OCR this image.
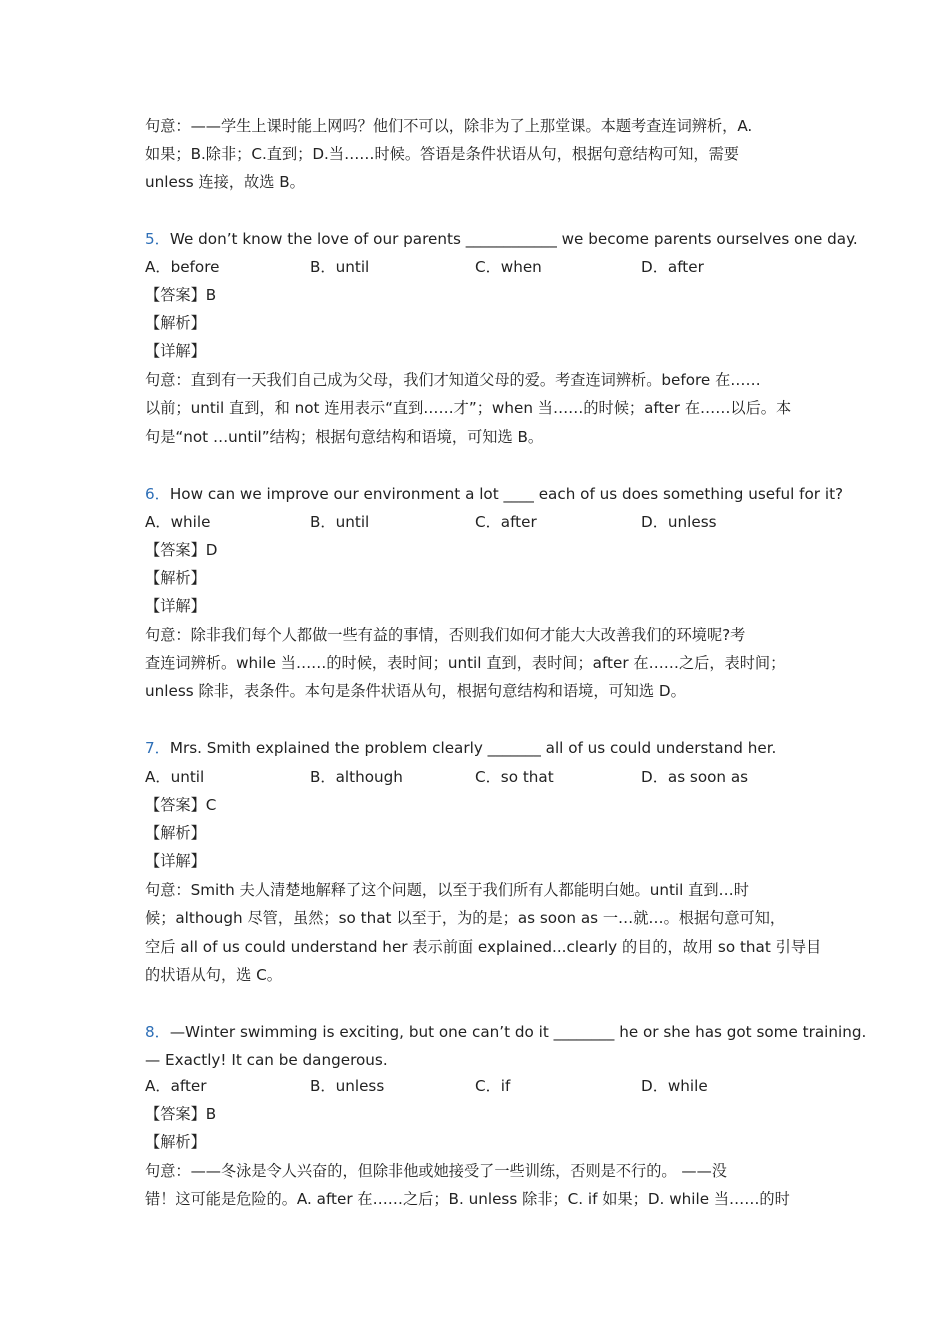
句意：——学生上课时能上网吗？他们不可以，除非为了上那堂课。本题考查连词辨析，A.
如果；B.除非；C.直到；D.当……时候。答语是条件状语从句，根据句意结构可知，需要
unless 连接，故选 B。
5．We don’t know the love of our parents ____________ we become parents ourselves one day.
A．before	B．until	C．when	D．after
【答案】B
【解析】
【详解】
句意：直到有一天我们自己成为父母，我们才知道父母的爱。考查连词辨析。before 在……
以前；until 直到，和 not 连用表示“直到……才”；when 当……的时候；after 在……以后。本
句是“not …until”结构；根据句意结构和语境，可知选 B。
6．How can we improve our environment a lot ____ each of us does something useful for it?
A．while	B．until	C．after	D．unless
【答案】D
【解析】
【详解】
句意：除非我们每个人都做一些有益的事情，否则我们如何才能大大改善我们的环境呢?考
查连词辨析。while 当……的时候，表时间；until 直到，表时间；after 在……之后，表时间；
unless 除非，表条件。本句是条件状语从句，根据句意结构和语境，可知选 D。
7．Mrs. Smith explained the problem clearly _______ all of us could understand her.
A．until	B．although	C．so that	D．as soon as
【答案】C
【解析】
【详解】
句意：Smith 夫人清楚地解释了这个问题，以至于我们所有人都能明白她。until 直到…时
候；although 尽管，虽然；so that 以至于，为的是；as soon as 一…就…。根据句意可知，
空后 all of us could understand her 表示前面 explained...clearly 的目的，故用 so that 引导目
的状语从句，选 C。
8．—Winter swimming is exciting, but one can’t do it ________ he or she has got some training.
— Exactly! It can be dangerous.
A．after	B．unless	C．if	D．while
【答案】B
【解析】
句意：——冬泳是令人兴奋的，但除非他或她接受了一些训练，否则是不行的。 ——没
错！这可能是危险的。A. after 在……之后；B. unless 除非；C. if 如果；D. while 当……的时
